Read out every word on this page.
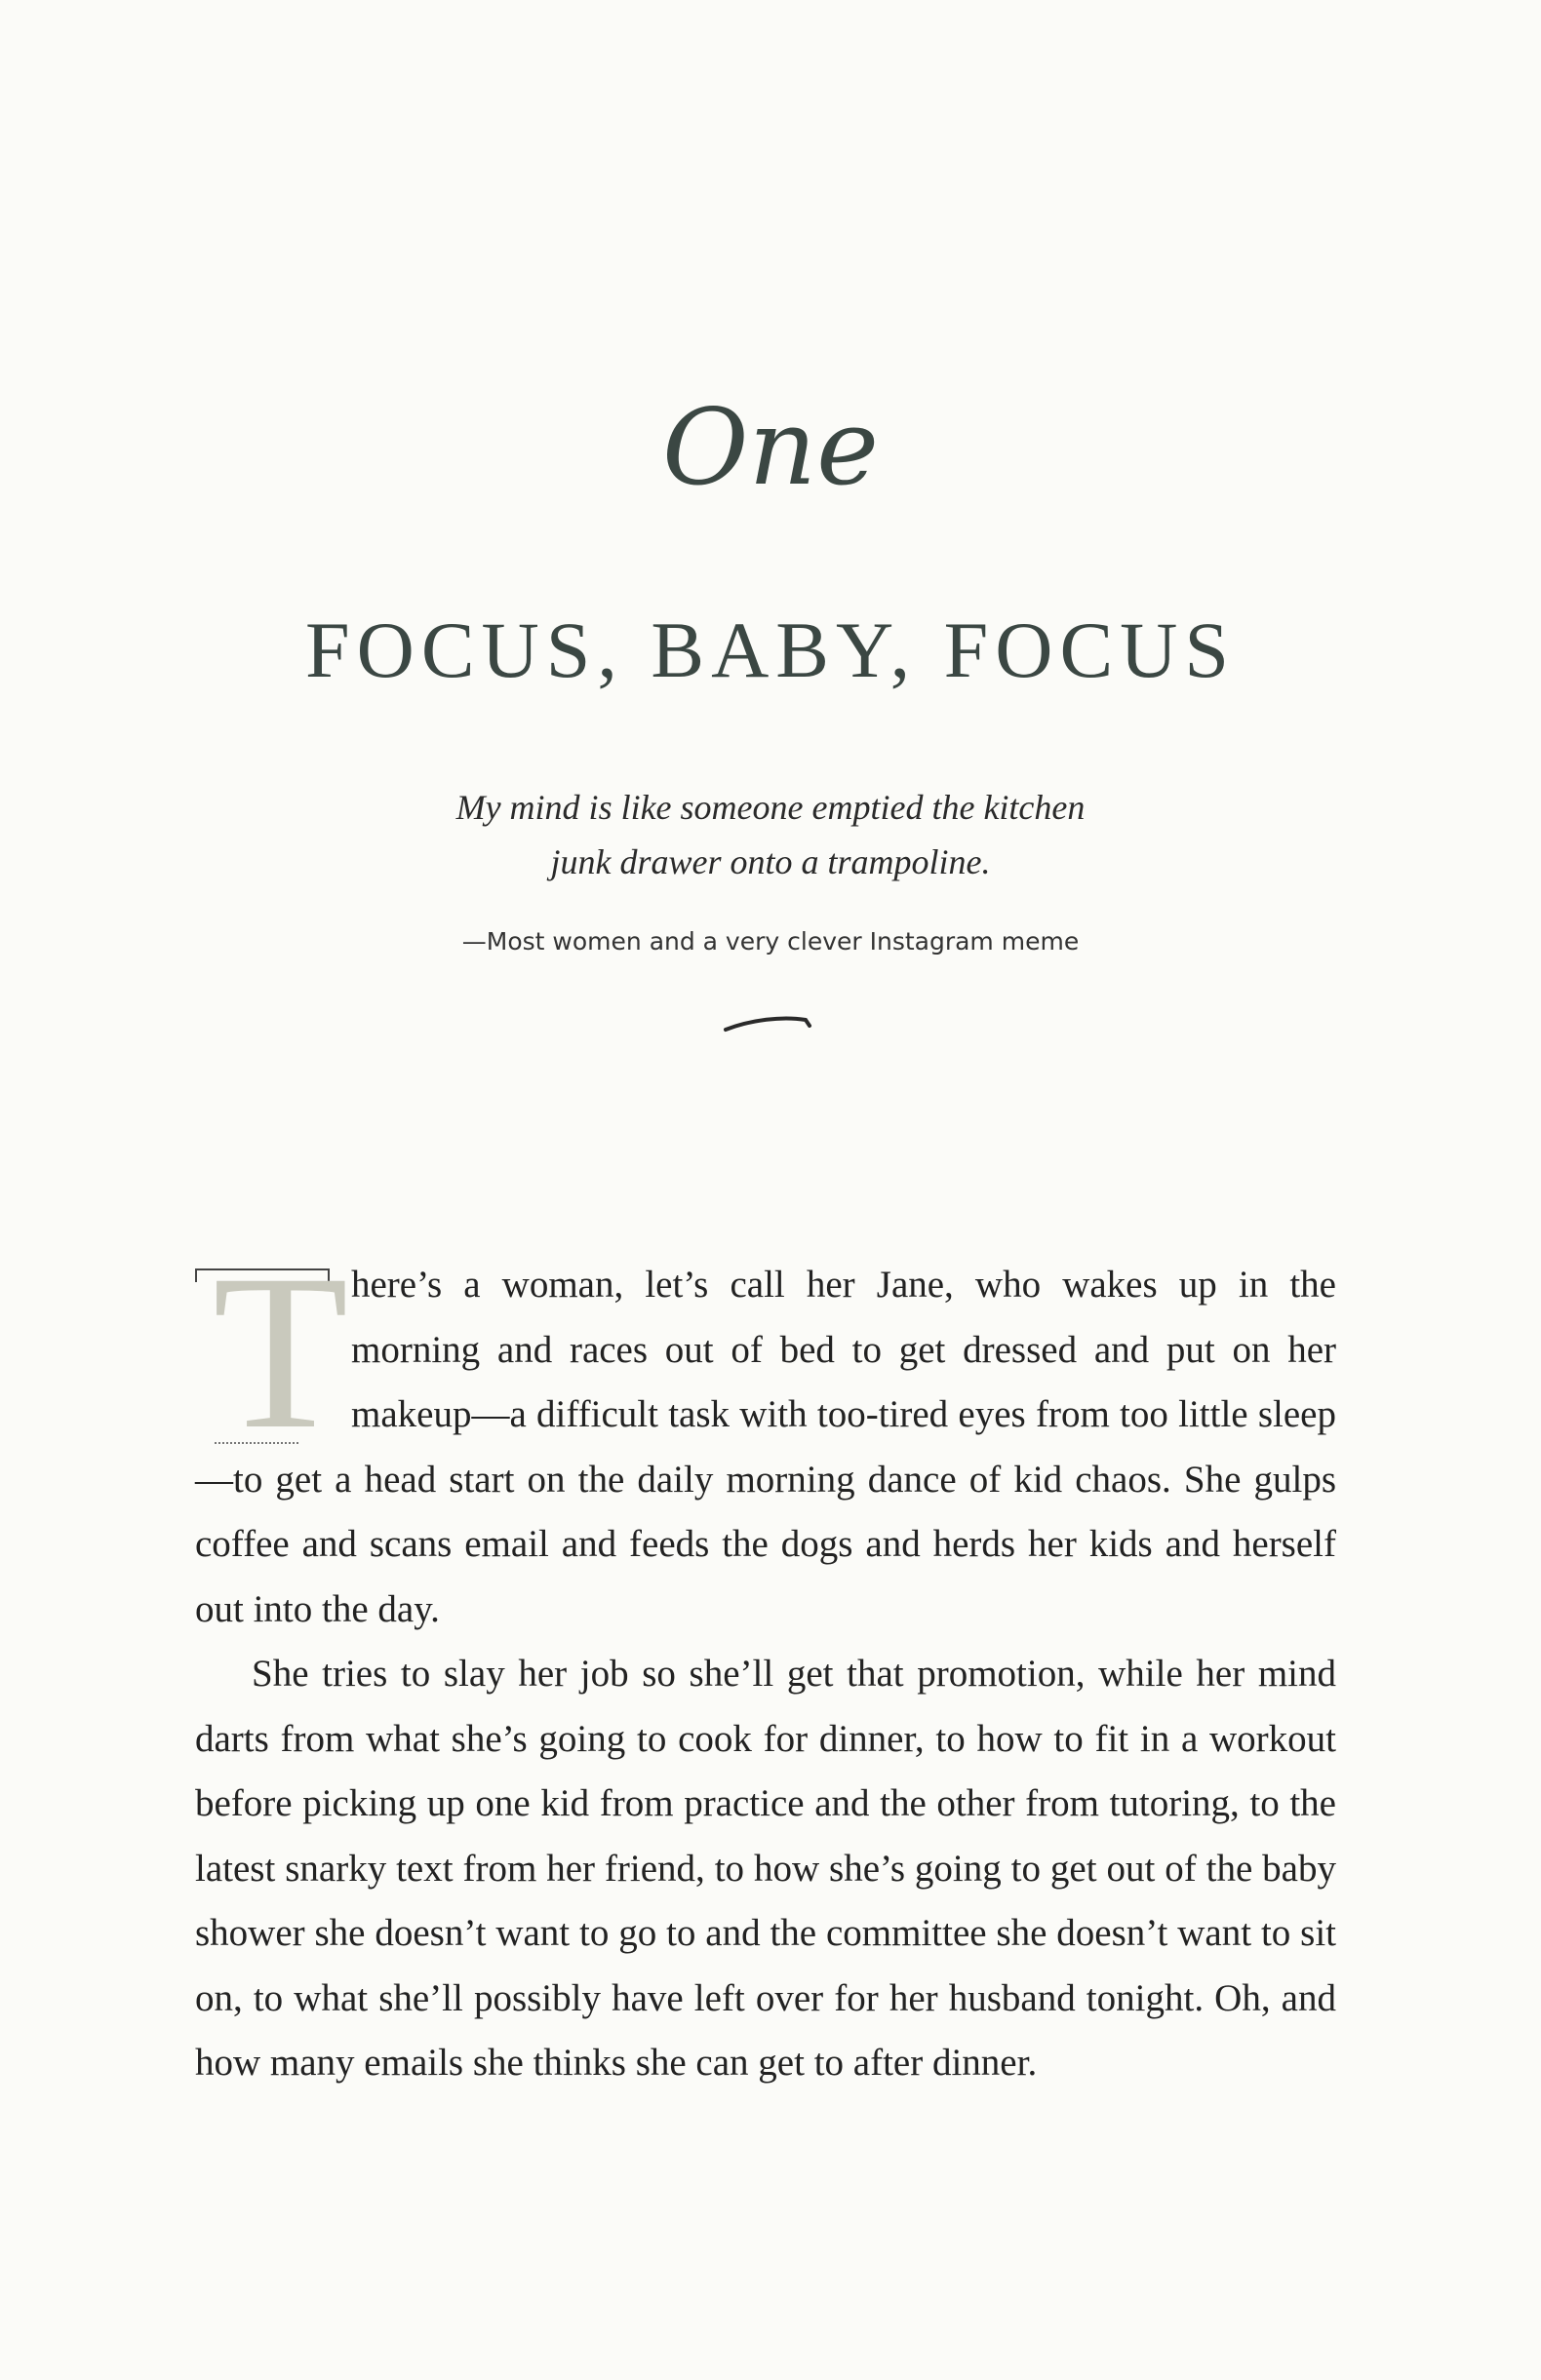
One
FOCUS, BABY, FOCUS
My mind is like someone emptied the kitchen
junk drawer onto a trampoline.
—Most women and a very clever Instagram meme

T here’s a woman, let’s call her Jane, who wakes up in the morning and races out of bed to get dressed and put on her makeup—a difficult task with too-tired eyes from too little sleep—to get a head start on the daily morning dance of kid chaos. She gulps coffee and scans email and feeds the dogs and herds her kids and herself out into the day.

She tries to slay her job so she’ll get that promotion, while her mind darts from what she’s going to cook for dinner, to how to fit in a workout before picking up one kid from practice and the other from tutoring, to the latest snarky text from her friend, to how she’s going to get out of the baby shower she doesn’t want to go to and the committee she doesn’t want to sit on, to what she’ll possibly have left over for her husband tonight. Oh, and how many emails she thinks she can get to after dinner.
